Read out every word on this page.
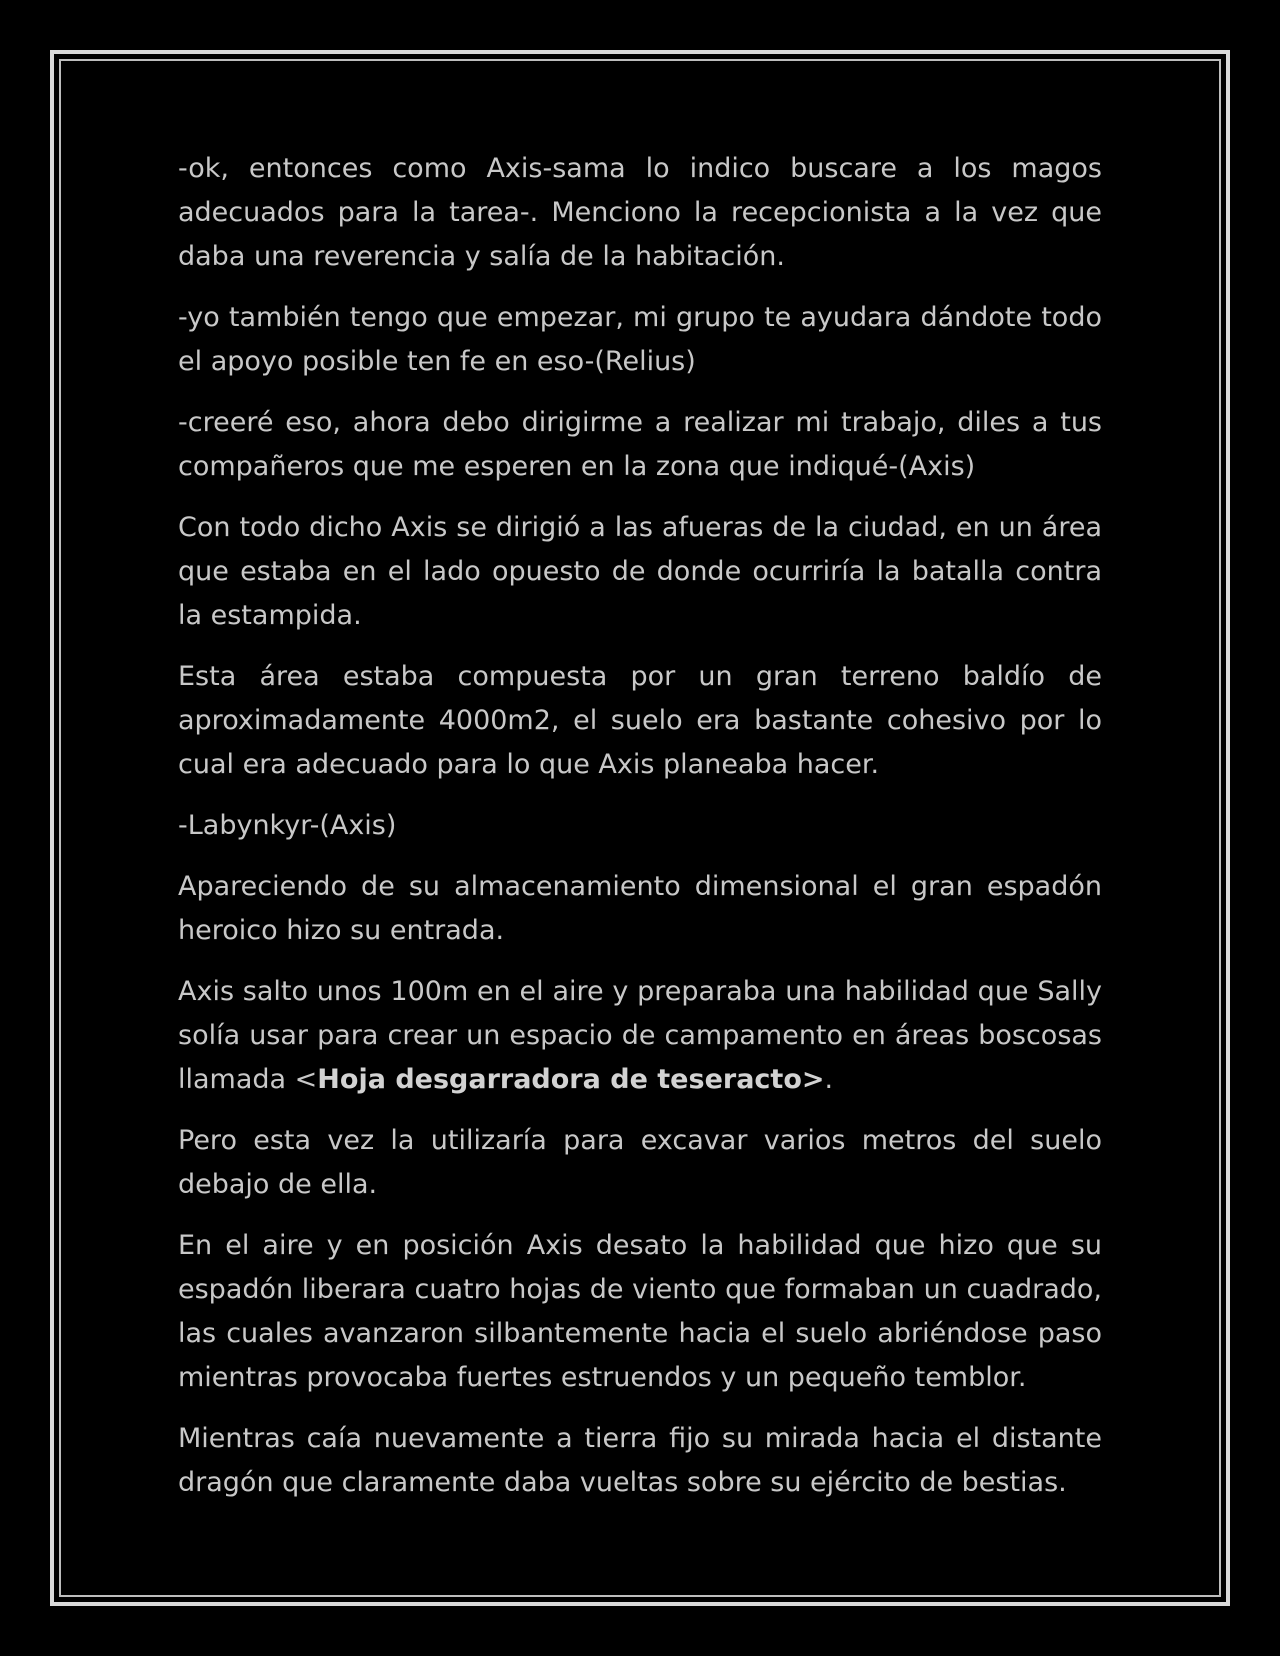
-ok, entonces como Axis-sama lo indico buscare a los magos adecuados para la tarea-. Menciono la recepcionista a la vez que daba una reverencia y salía de la habitación.

-yo también tengo que empezar, mi grupo te ayudara dándote todo el apoyo posible ten fe en eso-(Relius)

-creeré eso, ahora debo dirigirme a realizar mi trabajo, diles a tus compañeros que me esperen en la zona que indiqué-(Axis)

Con todo dicho Axis se dirigió a las afueras de la ciudad, en un área que estaba en el lado opuesto de donde ocurriría la batalla contra la estampida.

Esta área estaba compuesta por un gran terreno baldío de aproximadamente 4000m2, el suelo era bastante cohesivo por lo cual era adecuado para lo que Axis planeaba hacer.

-Labynkyr-(Axis)

Apareciendo de su almacenamiento dimensional el gran espadón heroico hizo su entrada.

Axis salto unos 100m en el aire y preparaba una habilidad que Sally solía usar para crear un espacio de campamento en áreas boscosas llamada <Hoja desgarradora de teseracto>.

Pero esta vez la utilizaría para excavar varios metros del suelo debajo de ella.

En el aire y en posición Axis desato la habilidad que hizo que su espadón liberara cuatro hojas de viento que formaban un cuadrado, las cuales avanzaron silbantemente hacia el suelo abriéndose paso mientras provocaba fuertes estruendos y un pequeño temblor.

Mientras caía nuevamente a tierra fijo su mirada hacia el distante dragón que claramente daba vueltas sobre su ejército de bestias.
